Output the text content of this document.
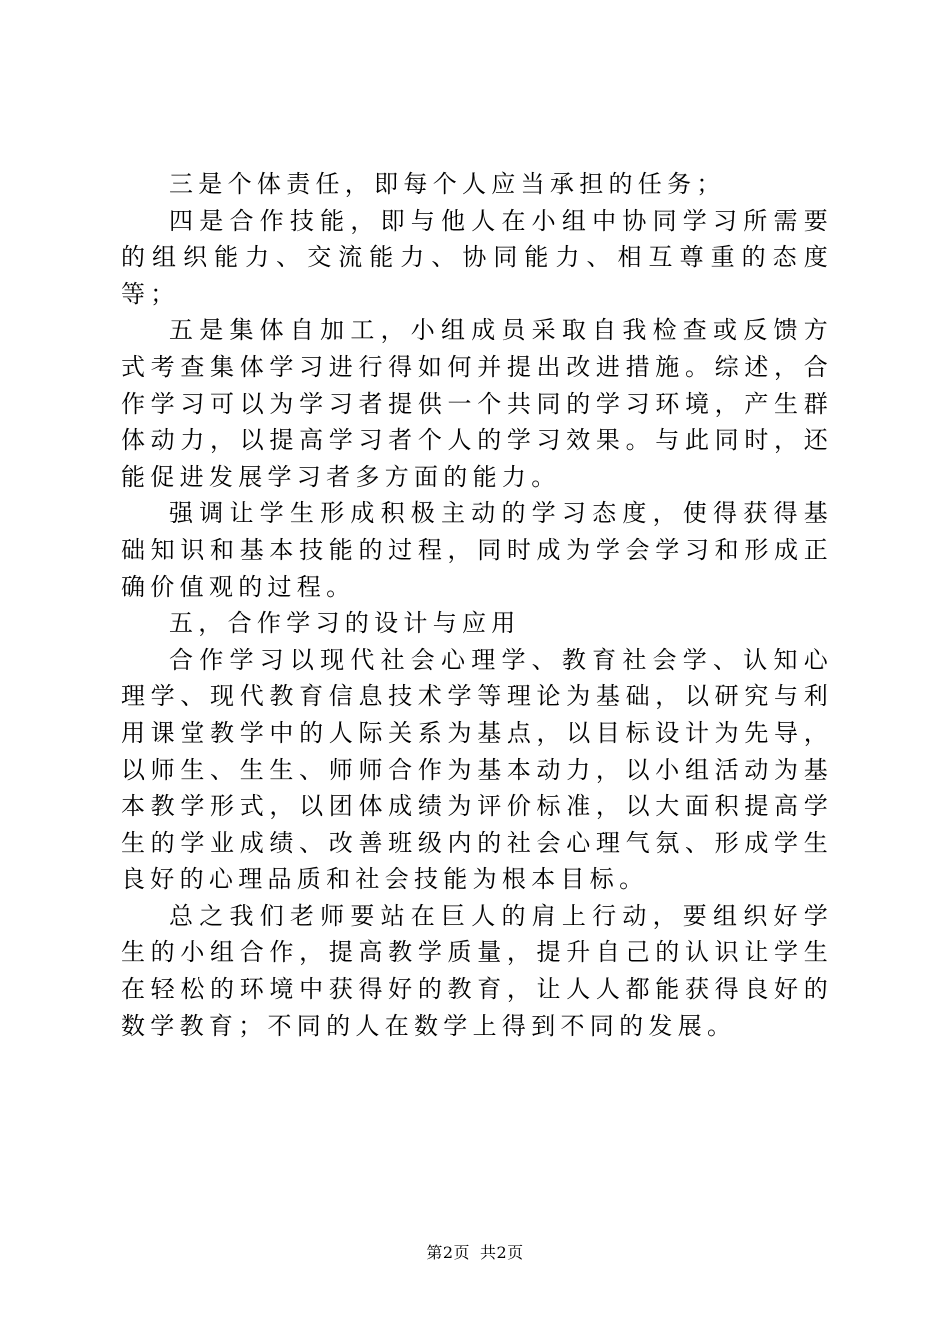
三是个体责任，即每个人应当承担的任务；

四是合作技能，即与他人在小组中协同学习所需要的组织能力、交流能力、协同能力、相互尊重的态度等；

五是集体自加工，小组成员采取自我检查或反馈方式考查集体学习进行得如何并提出改进措施。综述，合作学习可以为学习者提供一个共同的学习环境，产生群体动力，以提高学习者个人的学习效果。与此同时，还能促进发展学习者多方面的能力。

强调让学生形成积极主动的学习态度，使得获得基础知识和基本技能的过程，同时成为学会学习和形成正确价值观的过程。

五，合作学习的设计与应用

合作学习以现代社会心理学、教育社会学、认知心理学、现代教育信息技术学等理论为基础，以研究与利用课堂教学中的人际关系为基点，以目标设计为先导，以师生、生生、师师合作为基本动力，以小组活动为基本教学形式，以团体成绩为评价标准，以大面积提高学生的学业成绩、改善班级内的社会心理气氛、形成学生良好的心理品质和社会技能为根本目标。

总之我们老师要站在巨人的肩上行动，要组织好学生的小组合作，提高教学质量，提升自己的认识让学生在轻松的环境中获得好的教育，让人人都能获得良好的数学教育；不同的人在数学上得到不同的发展。

第2页 共2页
